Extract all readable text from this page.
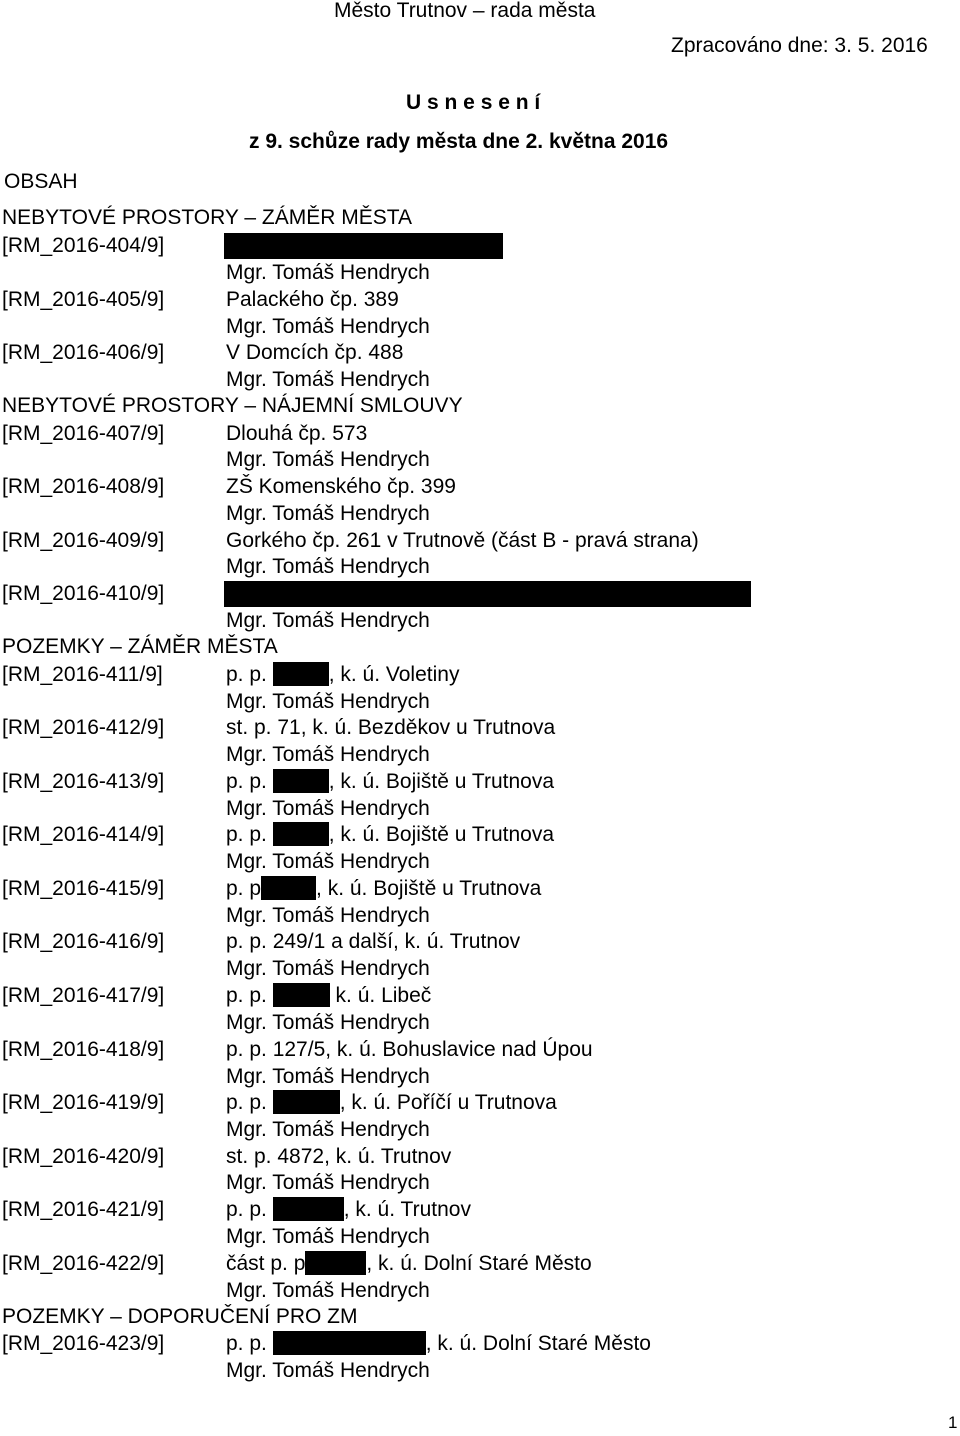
Město Trutnov – rada města
Zpracováno dne: 3. 5. 2016
U s n e s e n í
z 9. schůze rady města dne 2. května 2016
OBSAH
NEBYTOVÉ PROSTORY – ZÁMĚR MĚSTA
[RM_2016-404/9]
Mgr. Tomáš Hendrych
[RM_2016-405/9]	Palackého čp. 389
Mgr. Tomáš Hendrych
[RM_2016-406/9]	V Domcích čp. 488
Mgr. Tomáš Hendrych
NEBYTOVÉ PROSTORY – NÁJEMNÍ SMLOUVY
[RM_2016-407/9]	Dlouhá čp. 573
Mgr. Tomáš Hendrych
[RM_2016-408/9]	ZŠ Komenského čp. 399
Mgr. Tomáš Hendrych
[RM_2016-409/9]	Gorkého čp. 261 v Trutnově (část B - pravá strana)
Mgr. Tomáš Hendrych
[RM_2016-410/9]
Mgr. Tomáš Hendrych
POZEMKY – ZÁMĚR MĚSTA
[RM_2016-411/9]	p. p.	, k. ú. Voletiny
Mgr. Tomáš Hendrych
[RM_2016-412/9]	st. p. 71, k. ú. Bezděkov u Trutnova
Mgr. Tomáš Hendrych
[RM_2016-413/9]	p. p.	, k. ú. Bojiště u Trutnova
Mgr. Tomáš Hendrych
[RM_2016-414/9]	p. p.	, k. ú. Bojiště u Trutnova
Mgr. Tomáš Hendrych
[RM_2016-415/9]	p. p	, k. ú. Bojiště u Trutnova
Mgr. Tomáš Hendrych
[RM_2016-416/9]	p. p. 249/1 a další, k. ú. Trutnov
Mgr. Tomáš Hendrych
[RM_2016-417/9]	p. p.	k. ú. Libeč
Mgr. Tomáš Hendrych
[RM_2016-418/9]	p. p. 127/5, k. ú. Bohuslavice nad Úpou
Mgr. Tomáš Hendrych
[RM_2016-419/9]	p. p.	, k. ú. Poříčí u Trutnova
Mgr. Tomáš Hendrych
[RM_2016-420/9]	st. p. 4872, k. ú. Trutnov
Mgr. Tomáš Hendrych
[RM_2016-421/9]	p. p.	, k. ú. Trutnov
Mgr. Tomáš Hendrych
[RM_2016-422/9]	část p. p	, k. ú. Dolní Staré Město
Mgr. Tomáš Hendrych
POZEMKY – DOPORUČENÍ PRO ZM
[RM_2016-423/9]	p. p.	, k. ú. Dolní Staré Město
Mgr. Tomáš Hendrych
1
